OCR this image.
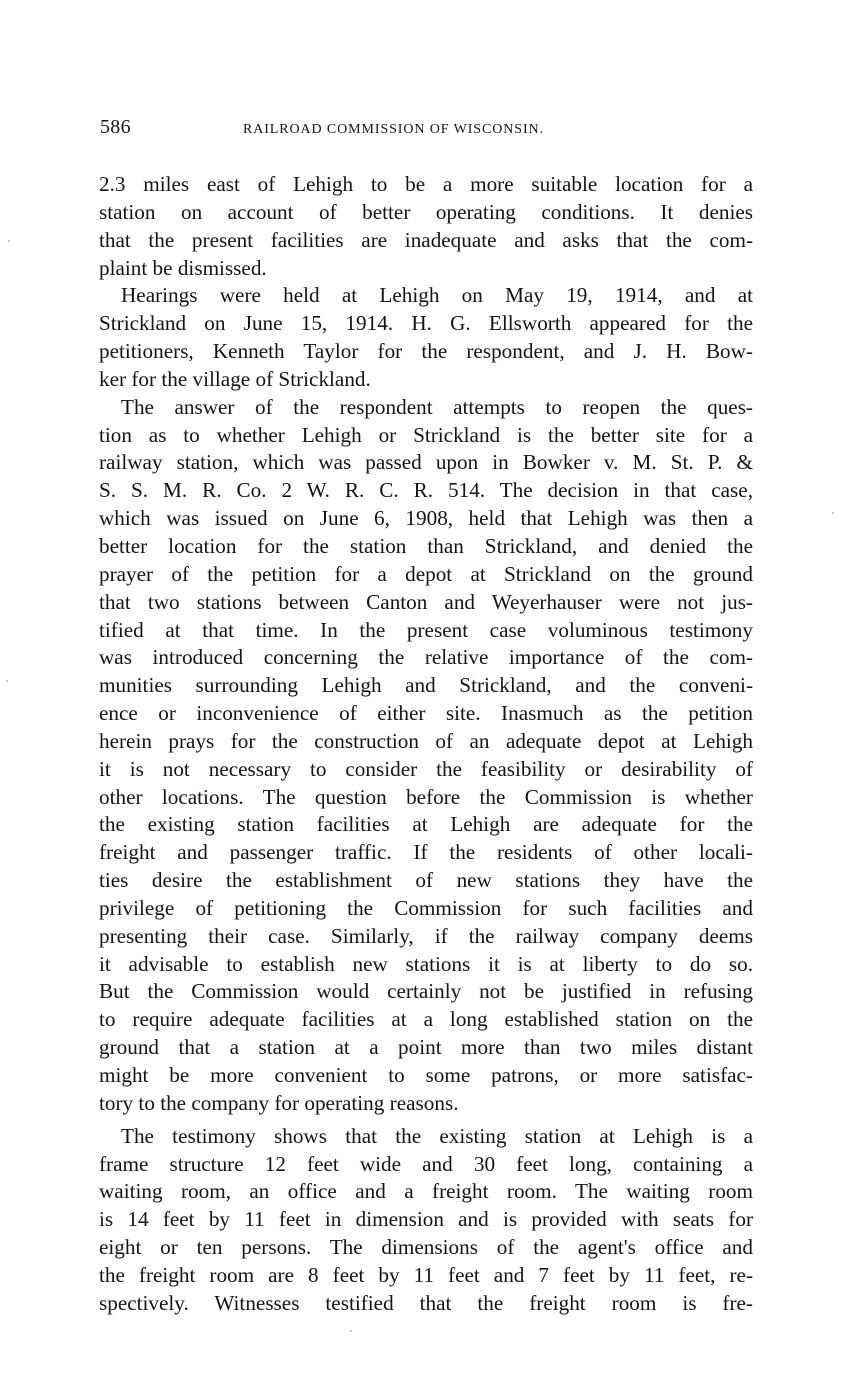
586	RAILROAD COMMISSION OF WISCONSIN.
2.3 miles east of Lehigh to be a more suitable location for a
station on account of better operating conditions. It denies
that the present facilities are inadequate and asks that the com-
plaint be dismissed.
Hearings were held at Lehigh on May 19, 1914, and at
Strickland on June 15, 1914. H. G. Ellsworth appeared for the
petitioners, Kenneth Taylor for the respondent, and J. H. Bow-
ker for the village of Strickland.
The answer of the respondent attempts to reopen the ques-
tion as to whether Lehigh or Strickland is the better site for a
railway station, which was passed upon in Bowker v. M. St. P. &
S. S. M. R. Co. 2 W. R. C. R. 514. The decision in that case,
which was issued on June 6, 1908, held that Lehigh was then a
better location for the station than Strickland, and denied the
prayer of the petition for a depot at Strickland on the ground
that two stations between Canton and Weyerhauser were not jus-
tified at that time. In the present case voluminous testimony
was introduced concerning the relative importance of the com-
munities surrounding Lehigh and Strickland, and the conveni-
ence or inconvenience of either site. Inasmuch as the petition
herein prays for the construction of an adequate depot at Lehigh
it is not necessary to consider the feasibility or desirability of
other locations. The question before the Commission is whether
the existing station facilities at Lehigh are adequate for the
freight and passenger traffic. If the residents of other locali-
ties desire the establishment of new stations they have the
privilege of petitioning the Commission for such facilities and
presenting their case. Similarly, if the railway company deems
it advisable to establish new stations it is at liberty to do so.
But the Commission would certainly not be justified in refusing
to require adequate facilities at a long established station on the
ground that a station at a point more than two miles distant
might be more convenient to some patrons, or more satisfac-
tory to the company for operating reasons.
The testimony shows that the existing station at Lehigh is a
frame structure 12 feet wide and 30 feet long, containing a
waiting room, an office and a freight room. The waiting room
is 14 feet by 11 feet in dimension and is provided with seats for
eight or ten persons. The dimensions of the agent's office and
the freight room are 8 feet by 11 feet and 7 feet by 11 feet, re-
spectively. Witnesses testified that the freight room is fre-
